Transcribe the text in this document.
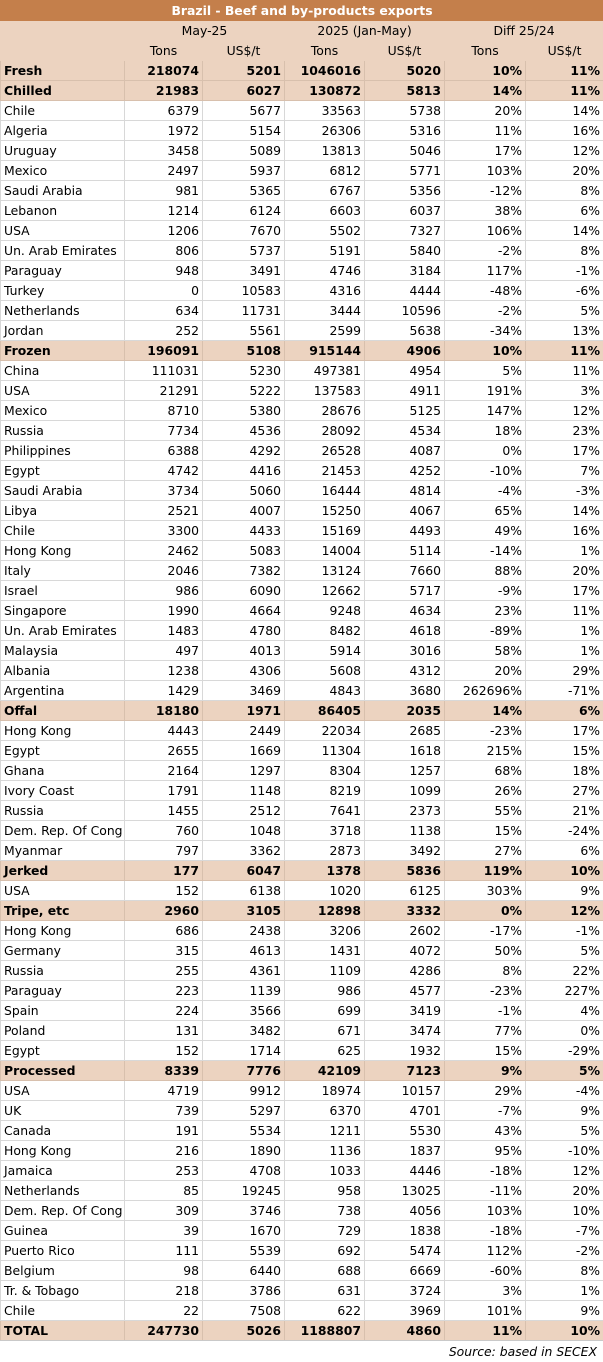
Brazil - Beef and by-products exports						
	May-25		2025 (Jan-May)		Diff 25/24	
	Tons	US$/t	Tons	US$/t	Tons	US$/t
Fresh	218074	5201	1046016	5020	10%	11%
Chilled	21983	6027	130872	5813	14%	11%
Chile	6379	5677	33563	5738	20%	14%
Algeria	1972	5154	26306	5316	11%	16%
Uruguay	3458	5089	13813	5046	17%	12%
Mexico	2497	5937	6812	5771	103%	20%
Saudi Arabia	981	5365	6767	5356	-12%	8%
Lebanon	1214	6124	6603	6037	38%	6%
USA	1206	7670	5502	7327	106%	14%
Un. Arab Emirates	806	5737	5191	5840	-2%	8%
Paraguay	948	3491	4746	3184	117%	-1%
Turkey	0	10583	4316	4444	-48%	-6%
Netherlands	634	11731	3444	10596	-2%	5%
Jordan	252	5561	2599	5638	-34%	13%
Frozen	196091	5108	915144	4906	10%	11%
China	111031	5230	497381	4954	5%	11%
USA	21291	5222	137583	4911	191%	3%
Mexico	8710	5380	28676	5125	147%	12%
Russia	7734	4536	28092	4534	18%	23%
Philippines	6388	4292	26528	4087	0%	17%
Egypt	4742	4416	21453	4252	-10%	7%
Saudi Arabia	3734	5060	16444	4814	-4%	-3%
Libya	2521	4007	15250	4067	65%	14%
Chile	3300	4433	15169	4493	49%	16%
Hong Kong	2462	5083	14004	5114	-14%	1%
Italy	2046	7382	13124	7660	88%	20%
Israel	986	6090	12662	5717	-9%	17%
Singapore	1990	4664	9248	4634	23%	11%
Un. Arab Emirates	1483	4780	8482	4618	-89%	1%
Malaysia	497	4013	5914	3016	58%	1%
Albania	1238	4306	5608	4312	20%	29%
Argentina	1429	3469	4843	3680	262696%	-71%
Offal	18180	1971	86405	2035	14%	6%
Hong Kong	4443	2449	22034	2685	-23%	17%
Egypt	2655	1669	11304	1618	215%	15%
Ghana	2164	1297	8304	1257	68%	18%
Ivory Coast	1791	1148	8219	1099	26%	27%
Russia	1455	2512	7641	2373	55%	21%
Dem. Rep. Of Cong	760	1048	3718	1138	15%	-24%
Myanmar	797	3362	2873	3492	27%	6%
Jerked	177	6047	1378	5836	119%	10%
USA	152	6138	1020	6125	303%	9%
Tripe, etc	2960	3105	12898	3332	0%	12%
Hong Kong	686	2438	3206	2602	-17%	-1%
Germany	315	4613	1431	4072	50%	5%
Russia	255	4361	1109	4286	8%	22%
Paraguay	223	1139	986	4577	-23%	227%
Spain	224	3566	699	3419	-1%	4%
Poland	131	3482	671	3474	77%	0%
Egypt	152	1714	625	1932	15%	-29%
Processed	8339	7776	42109	7123	9%	5%
USA	4719	9912	18974	10157	29%	-4%
UK	739	5297	6370	4701	-7%	9%
Canada	191	5534	1211	5530	43%	5%
Hong Kong	216	1890	1136	1837	95%	-10%
Jamaica	253	4708	1033	4446	-18%	12%
Netherlands	85	19245	958	13025	-11%	20%
Dem. Rep. Of Cong	309	3746	738	4056	103%	10%
Guinea	39	1670	729	1838	-18%	-7%
Puerto Rico	111	5539	692	5474	112%	-2%
Belgium	98	6440	688	6669	-60%	8%
Tr. & Tobago	218	3786	631	3724	3%	1%
Chile	22	7508	622	3969	101%	9%
TOTAL	247730	5026	1188807	4860	11%	10%
Source: based in SECEX
